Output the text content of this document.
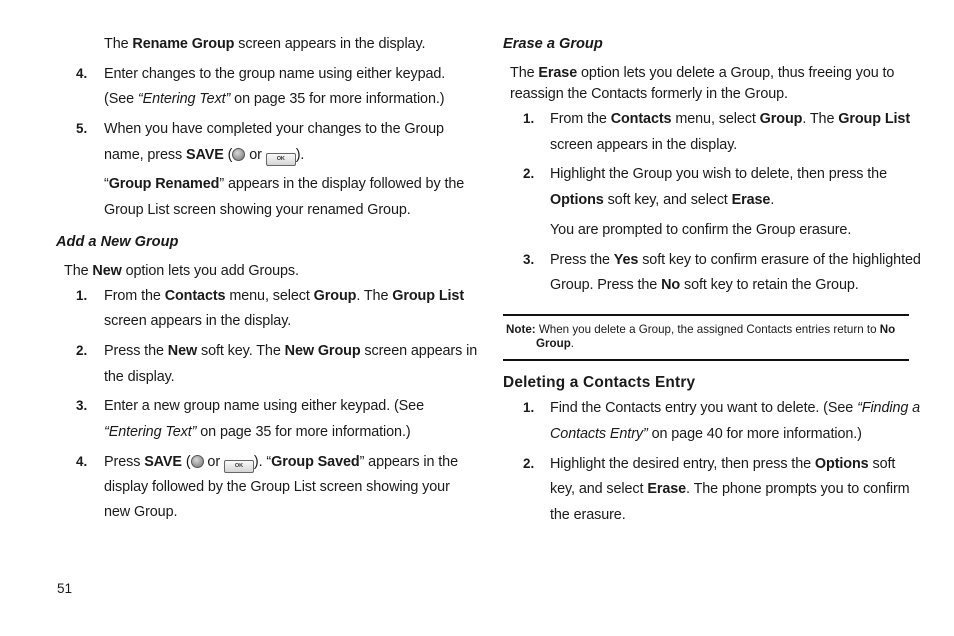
The Rename Group screen appears in the display.
4. Enter changes to the group name using either keypad.
(See “Entering Text” on page 35 for more information.)
5. When you have completed your changes to the Group
name, press SAVE ( or OK ).
“Group Renamed” appears in the display followed by the
Group List screen showing your renamed Group.
Add a New Group
The New option lets you add Groups.
1. From the Contacts menu, select Group. The Group List
screen appears in the display.
2. Press the New soft key. The New Group screen appears in
the display.
3. Enter a new group name using either keypad. (See
“Entering Text” on page 35 for more information.)
4. Press SAVE ( or OK ). “Group Saved” appears in the
display followed by the Group List screen showing your
new Group.
Erase a Group
The Erase option lets you delete a Group, thus freeing you to
reassign the Contacts formerly in the Group.
1. From the Contacts menu, select Group. The Group List
screen appears in the display.
2. Highlight the Group you wish to delete, then press the
Options soft key, and select Erase.
You are prompted to confirm the Group erasure.
3. Press the Yes soft key to confirm erasure of the highlighted
Group. Press the No soft key to retain the Group.
Note: When you delete a Group, the assigned Contacts entries return to No
Group.
Deleting a Contacts Entry
1. Find the Contacts entry you want to delete. (See “Finding a
Contacts Entry” on page 40 for more information.)
2. Highlight the desired entry, then press the Options soft
key, and select Erase. The phone prompts you to confirm
the erasure.
51
